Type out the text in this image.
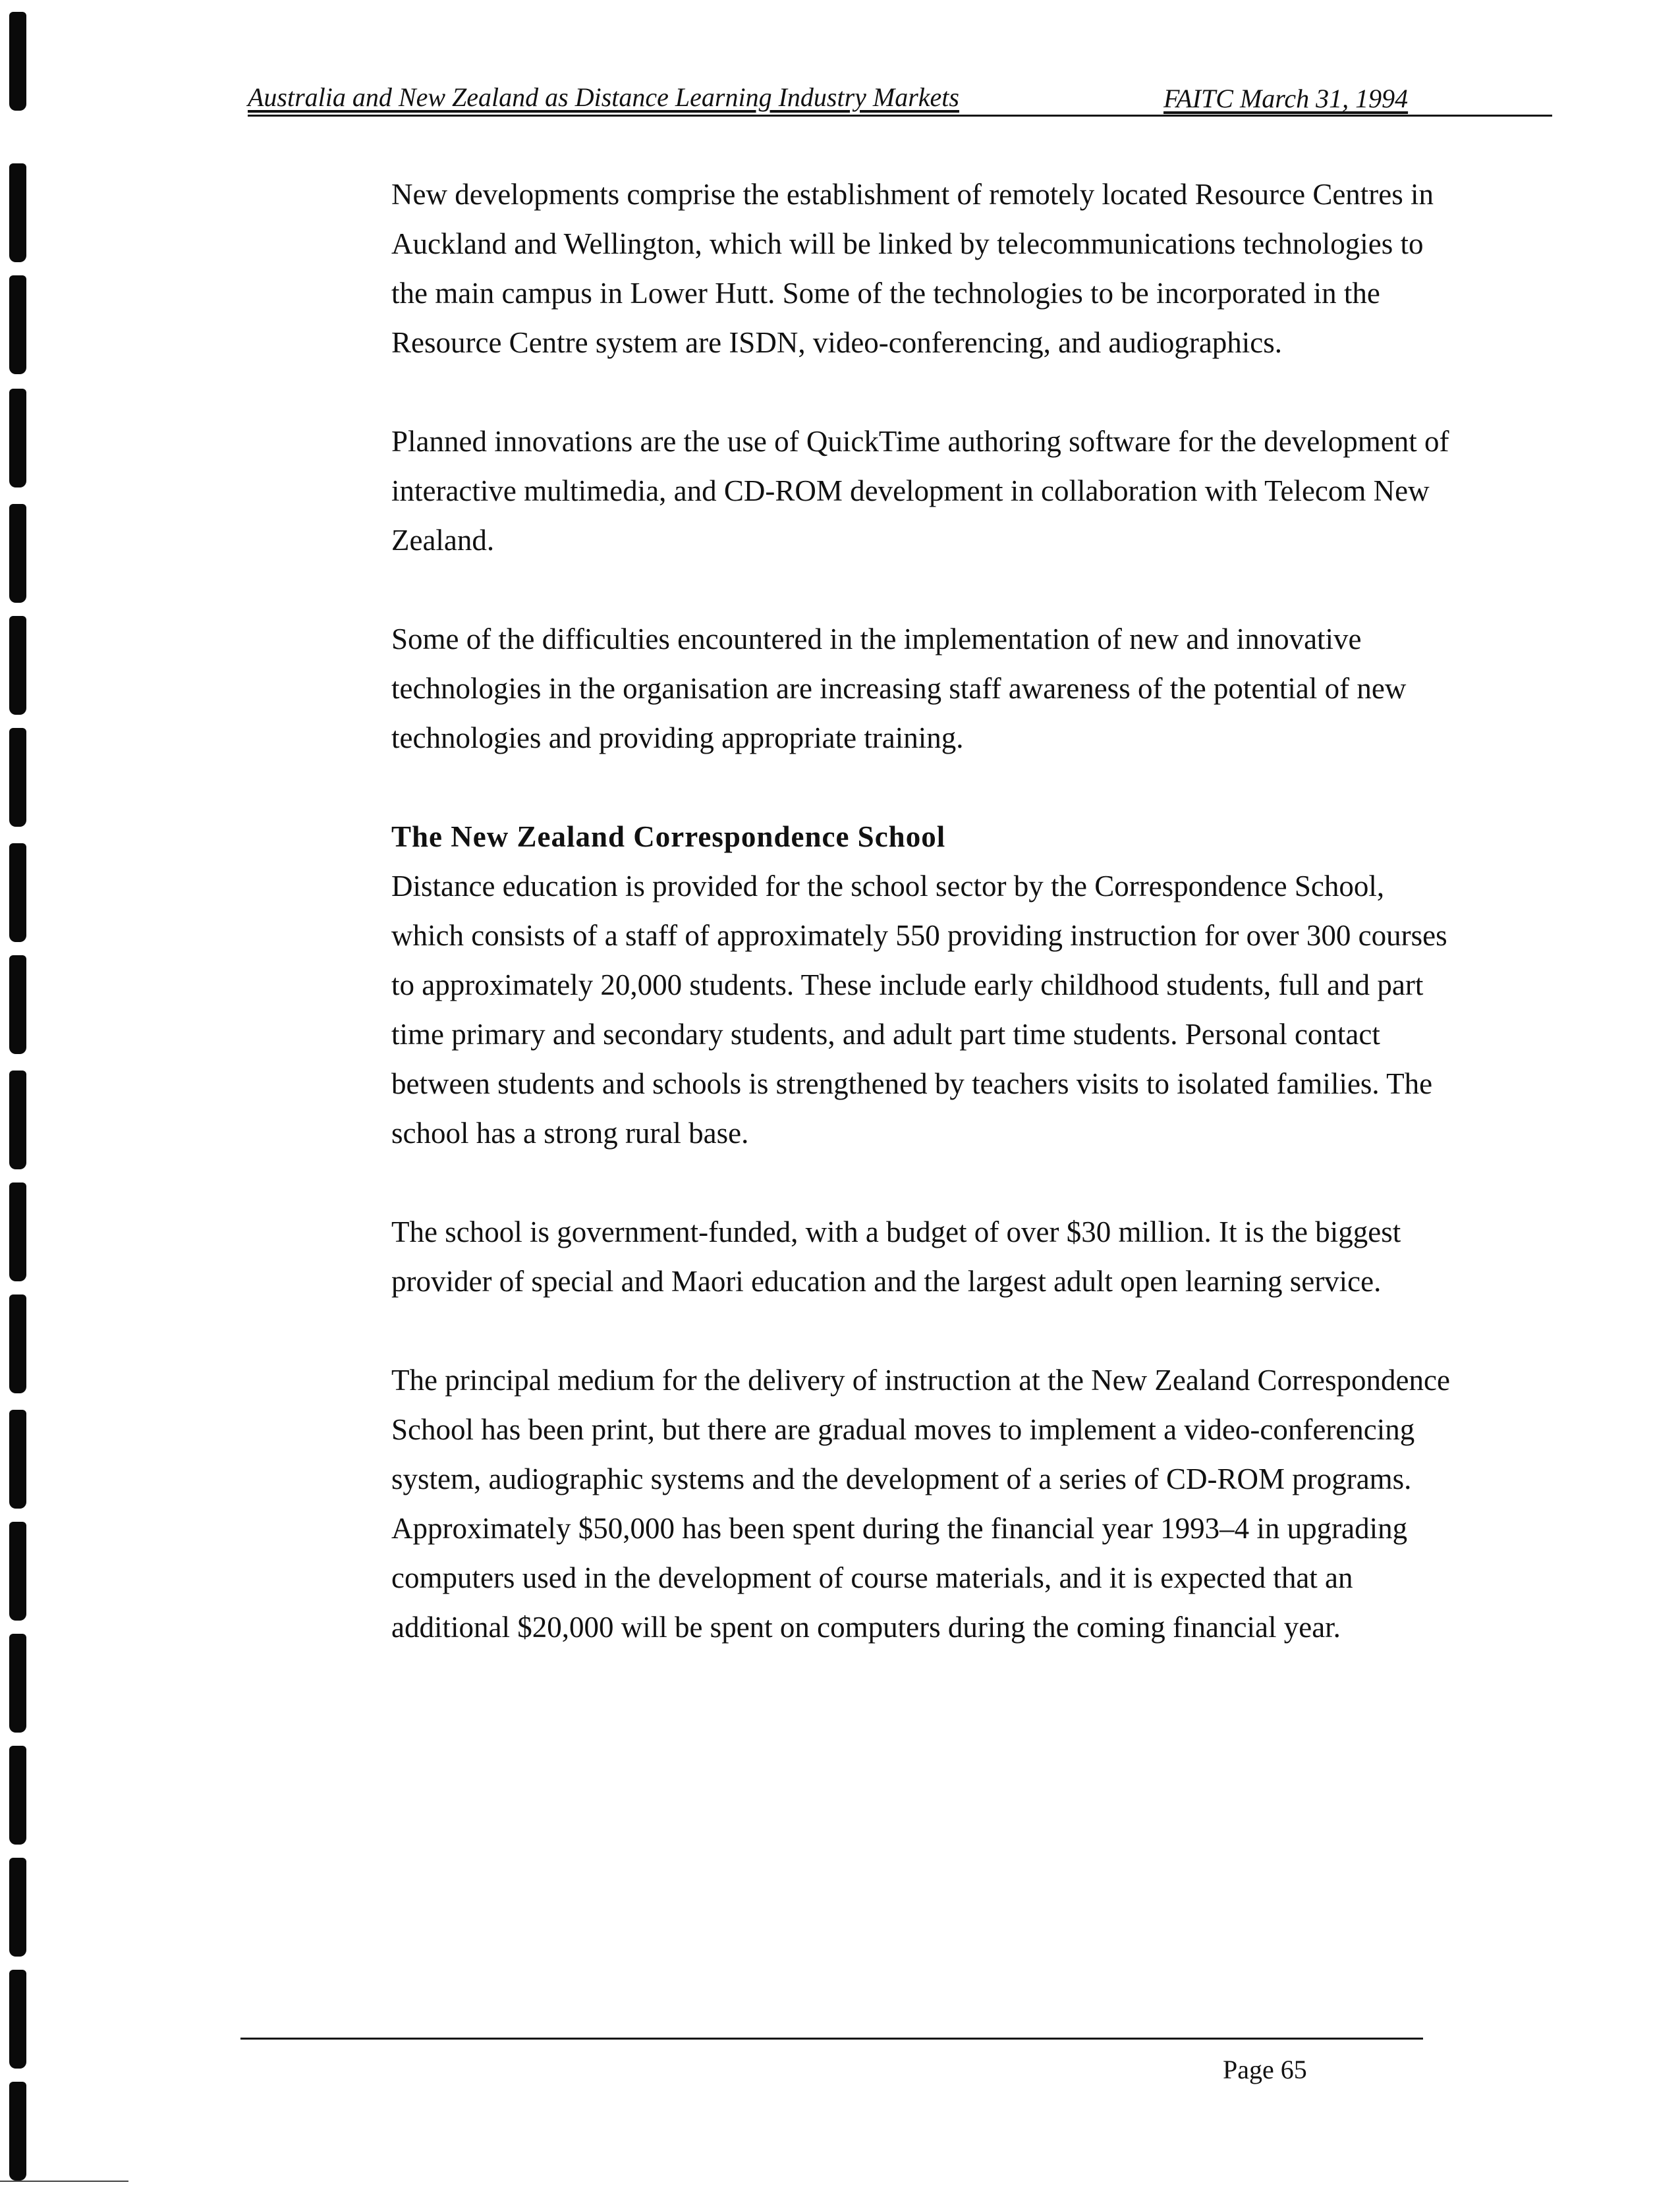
Australia and New Zealand as Distance Learning Industry Markets	FAITC March 31, 1994

New developments comprise the establishment of remotely located Resource Centres in Auckland and Wellington, which will be linked by telecommunications technologies to the main campus in Lower Hutt. Some of the technologies to be incorporated in the Resource Centre system are ISDN, video-conferencing, and audiographics.

Planned innovations are the use of QuickTime authoring software for the development of interactive multimedia, and CD-ROM development in collaboration with Telecom New Zealand.

Some of the difficulties encountered in the implementation of new and innovative technologies in the organisation are increasing staff awareness of the potential of new technologies and providing appropriate training.

The New Zealand Correspondence School

Distance education is provided for the school sector by the Correspondence School, which consists of a staff of approximately 550 providing instruction for over 300 courses to approximately 20,000 students. These include early childhood students, full and part time primary and secondary students, and adult part time students. Personal contact between students and schools is strengthened by teachers visits to isolated families. The school has a strong rural base.

The school is government-funded, with a budget of over $30 million. It is the biggest provider of special and Maori education and the largest adult open learning service.

The principal medium for the delivery of instruction at the New Zealand Correspondence School has been print, but there are gradual moves to implement a video-conferencing system, audiographic systems and the development of a series of CD-ROM programs. Approximately $50,000 has been spent during the financial year 1993–4 in upgrading computers used in the development of course materials, and it is expected that an additional $20,000 will be spent on computers during the coming financial year.

Page 65
